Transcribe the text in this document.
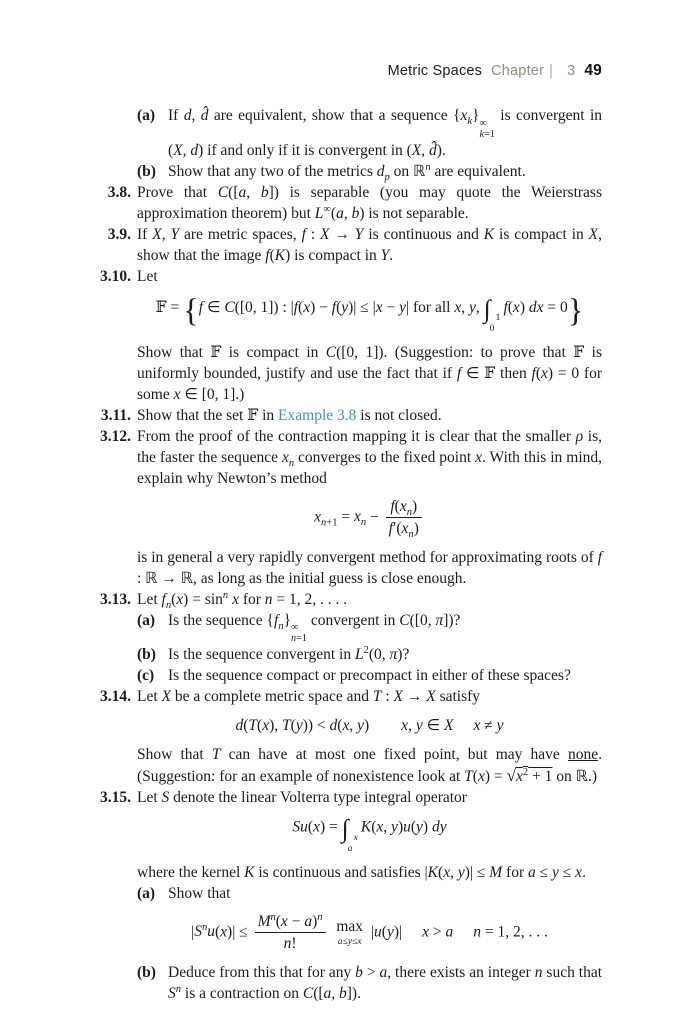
Metric Spaces Chapter | 3 49
(a) If d, d̂ are equivalent, show that a sequence $\{x_k\}$ ∞
k=1
is convergent in (X, d) if and only if it is convergent in (X, d̂).
(b) Show that any two of the metrics $d_p$ on ℝ$^n$ are equivalent.
3.8. Prove that C([a, b]) is separable (you may quote the Weierstrass approximation theorem) but L∞(a, b) is not separable.
3.9. If X, Y are metric spaces, f : X → Y is continuous and K is compact in X, show that the image f(K) is compact in Y.
3.10. Let
𝔽 = {f ∈ C([0, 1]) : |f(x) − f(y)| ≤ |x − y| for all x, y, ∫ 1
0
f(x) dx = 0}
Show that 𝔽 is compact in C([0, 1]). (Suggestion: to prove that 𝔽 is uniformly bounded, justify and use the fact that if f ∈ 𝔽 then f(x) = 0 for some x ∈ [0, 1].)
3.11. Show that the set 𝔽 in Example 3.8 is not closed.
3.12. From the proof of the contraction mapping it is clear that the smaller ρ is, the faster the sequence $x_n$ converges to the fixed point x. With this in mind, explain why Newton’s method
$x_{n+1} = x_n - \frac{f(x_n)}{f'(x_n)}$
is in general a very rapidly convergent method for approximating roots of f : ℝ → ℝ, as long as the initial guess is close enough.
3.13. Let $f_n(x) = \sin^n x$ for n = 1, 2, . . . .
(a) Is the sequence $\{f_n\}$ ∞
n=1
convergent in C([0, π])?
(b) Is the sequence convergent in $L^2(0$, π)?
(c) Is the sequence compact or precompact in either of these spaces?
3.14. Let X be a complete metric space and T : X → X satisfy
d(T(x), T(y)) < d(x, y) x, y ∈ X x ≠ y
Show that T can have at most one fixed point, but may have none. (Suggestion: for an example of nonexistence look at $T(x) = √x^2 + 1$ on ℝ.)
3.15. Let S denote the linear Volterra type integral operator
Su(x) = ∫ x
a
K(x, y)u(y) dy
where the kernel K is continuous and satisfies |K(x, y)| ≤ M for a ≤ y ≤ x.
(a) Show that
$|S^nu(x)| \le \frac{M^n(x - a)^n}{n!}$
max
a≤y≤x
|u(y)| x > a n = 1, 2, . . .
(b) Deduce from this that for any b > a, there exists an integer n such that $S^n$ is a contraction on C([a, b]).
